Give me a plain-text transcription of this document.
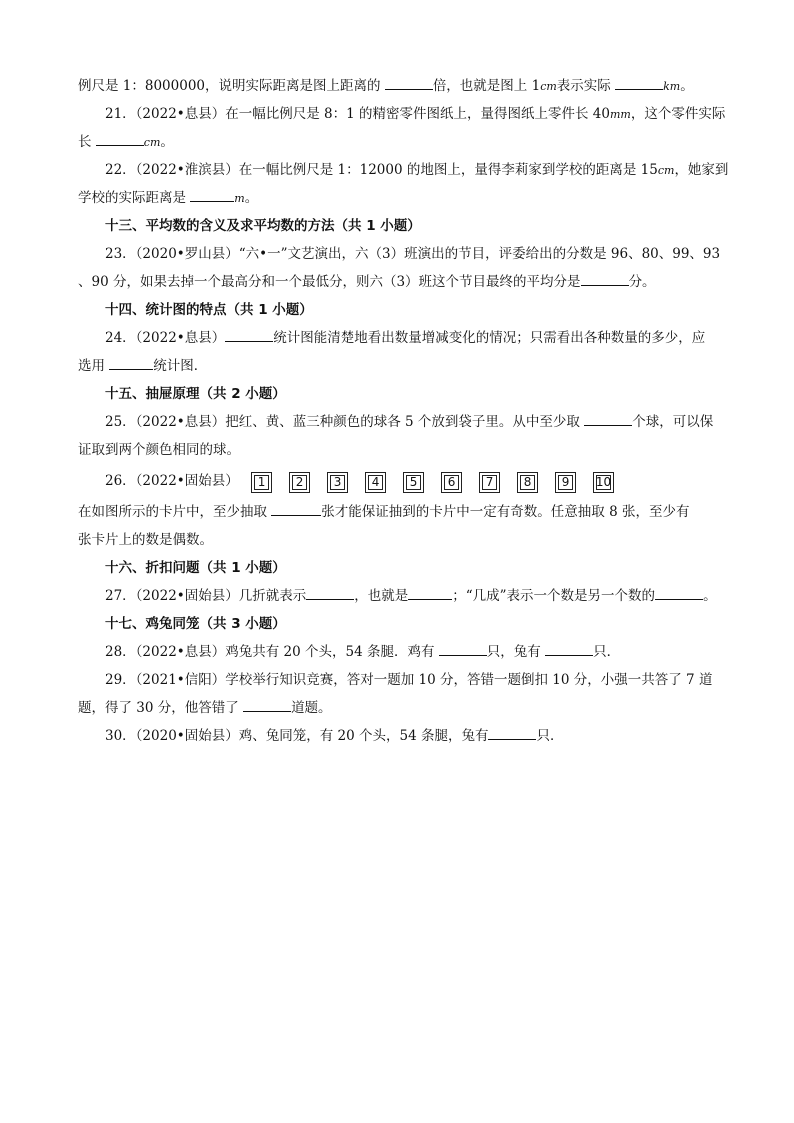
例尺是 1：8000000，说明实际距离是图上距离的	倍，也就是图上 1cm表示实际	km。
21．（2022•息县）在一幅比例尺是 8：1 的精密零件图纸上，量得图纸上零件长 40mm，这个零件实际
长	cm。
22．（2022•淮滨县）在一幅比例尺是 1：12000 的地图上，量得李莉家到学校的距离是 15cm，她家到
学校的实际距离是	m。
十三、平均数的含义及求平均数的方法（共 1 小题）
23．（2020•罗山县）“六•一”文艺演出，六（3）班演出的节目，评委给出的分数是 96、80、99、93
、90 分，如果去掉一个最高分和一个最低分，则六（3）班这个节目最终的平均分是	分。
十四、统计图的特点（共 1 小题）
24．（2022•息县）	统计图能清楚地看出数量增减变化的情况；只需看出各种数量的多少，应
选用	统计图．
十五、抽屉原理（共 2 小题）
25．（2022•息县）把红、黄、蓝三种颜色的球各 5 个放到袋子里。从中至少取	个球，可以保
证取到两个颜色相同的球。
26．（2022•固始县） 1	2	3	4	5	6	7	8	9 10
在如图所示的卡片中，至少抽取	张才能保证抽到的卡片中一定有奇数。任意抽取 8 张，至少有
张卡片上的数是偶数。
十六、折扣问题（共 1 小题）
27．（2022•固始县）几折就表示	，也就是	；“几成”表示一个数是另一个数的	。
十七、鸡兔同笼（共 3 小题）
28．（2022•息县）鸡兔共有 20 个头，54 条腿．鸡有	只，兔有	只．
29．（2021•信阳）学校举行知识竞赛，答对一题加 10 分，答错一题倒扣 10 分，小强一共答了 7 道
题，得了 30 分，他答错了	道题。
30．（2020•固始县）鸡、兔同笼，有 20 个头，54 条腿，兔有	只．
